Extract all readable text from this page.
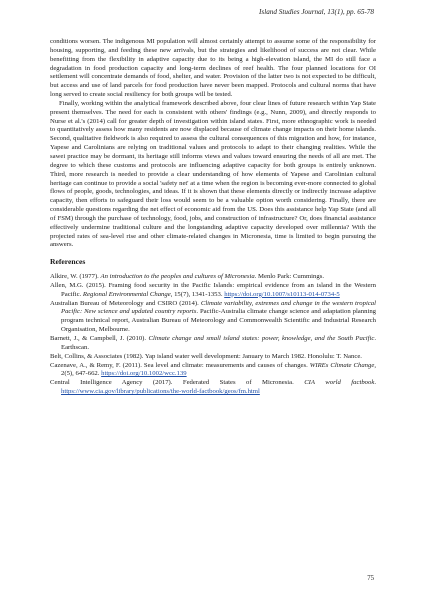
Island Studies Journal, 13(1), pp. 65-78

conditions worsen. The indigenous MI population will almost certainly attempt to assume some of the responsibility for housing, supporting, and feeding these new arrivals, but the strategies and likelihood of success are not clear. While benefitting from the flexibility in adaptive capacity due to its being a high-elevation island, the MI do still face a degradation in food production capacity and long-term declines of reef health. The four planned locations for OI settlement will concentrate demands of food, shelter, and water. Provision of the latter two is not expected to be difficult, but access and use of land parcels for food production have never been mapped. Protocols and cultural norms that have long served to create social resiliency for both groups will be tested.

Finally, working within the analytical framework described above, four clear lines of future research within Yap State present themselves. The need for each is consistent with others' findings (e.g., Nunn, 2009), and directly responds to Nurse et al.'s (2014) call for greater depth of investigation within island states. First, more ethnographic work is needed to quantitatively assess how many residents are now displaced because of climate change impacts on their home islands. Second, qualitative fieldwork is also required to assess the cultural consequences of this migration and how, for instance, Yapese and Carolinians are relying on traditional values and protocols to adapt to their changing realities. While the sawei practice may be dormant, its heritage still informs views and values toward ensuring the needs of all are met. The degree to which these customs and protocols are influencing adaptive capacity for both groups is entirely unknown. Third, more research is needed to provide a clear understanding of how elements of Yapese and Carolinian cultural heritage can continue to provide a social 'safety net' at a time when the region is becoming ever-more connected to global flows of people, goods, technologies, and ideas. If it is shown that these elements directly or indirectly increase adaptive capacity, then efforts to safeguard their loss would seem to be a valuable option worth considering. Finally, there are considerable questions regarding the net effect of economic aid from the US. Does this assistance help Yap State (and all of FSM) through the purchase of technology, food, jobs, and construction of infrastructure? Or, does financial assistance effectively undermine traditional culture and the longstanding adaptive capacity developed over millennia? With the projected rates of sea-level rise and other climate-related changes in Micronesia, time is limited to begin pursuing the answers.

References

Alkire, W. (1977). An introduction to the peoples and cultures of Micronesia. Menlo Park: Cummings.

Allen, M.G. (2015). Framing food security in the Pacific Islands: empirical evidence from an island in the Western Pacific. Regional Environmental Change, 15(7), 1341-1353. https://doi.org/10.1007/s10113-014-0734-5

Australian Bureau of Meteorology and CSIRO (2014). Climate variability, extremes and change in the western tropical Pacific: New science and updated country reports. Pacific-Australia climate change science and adaptation planning program technical report, Australian Bureau of Meteorology and Commonwealth Scientific and Industrial Research Organisation, Melbourne.

Barnett, J., & Campbell, J. (2010). Climate change and small island states: power, knowledge, and the South Pacific. Earthscan.

Belt, Collins, & Associates (1982). Yap island water well development: January to March 1982. Honolulu: T. Nance.

Cazenave, A., & Remy, F. (2011). Sea level and climate: measurements and causes of changes. WIREs Climate Change, 2(5), 647-662. https://doi.org/10.1002/wcc.139

Central Intelligence Agency (2017). Federated States of Micronesia. CIA world factbook. https://www.cia.gov/library/publications/the-world-factbook/geos/fm.html

75
